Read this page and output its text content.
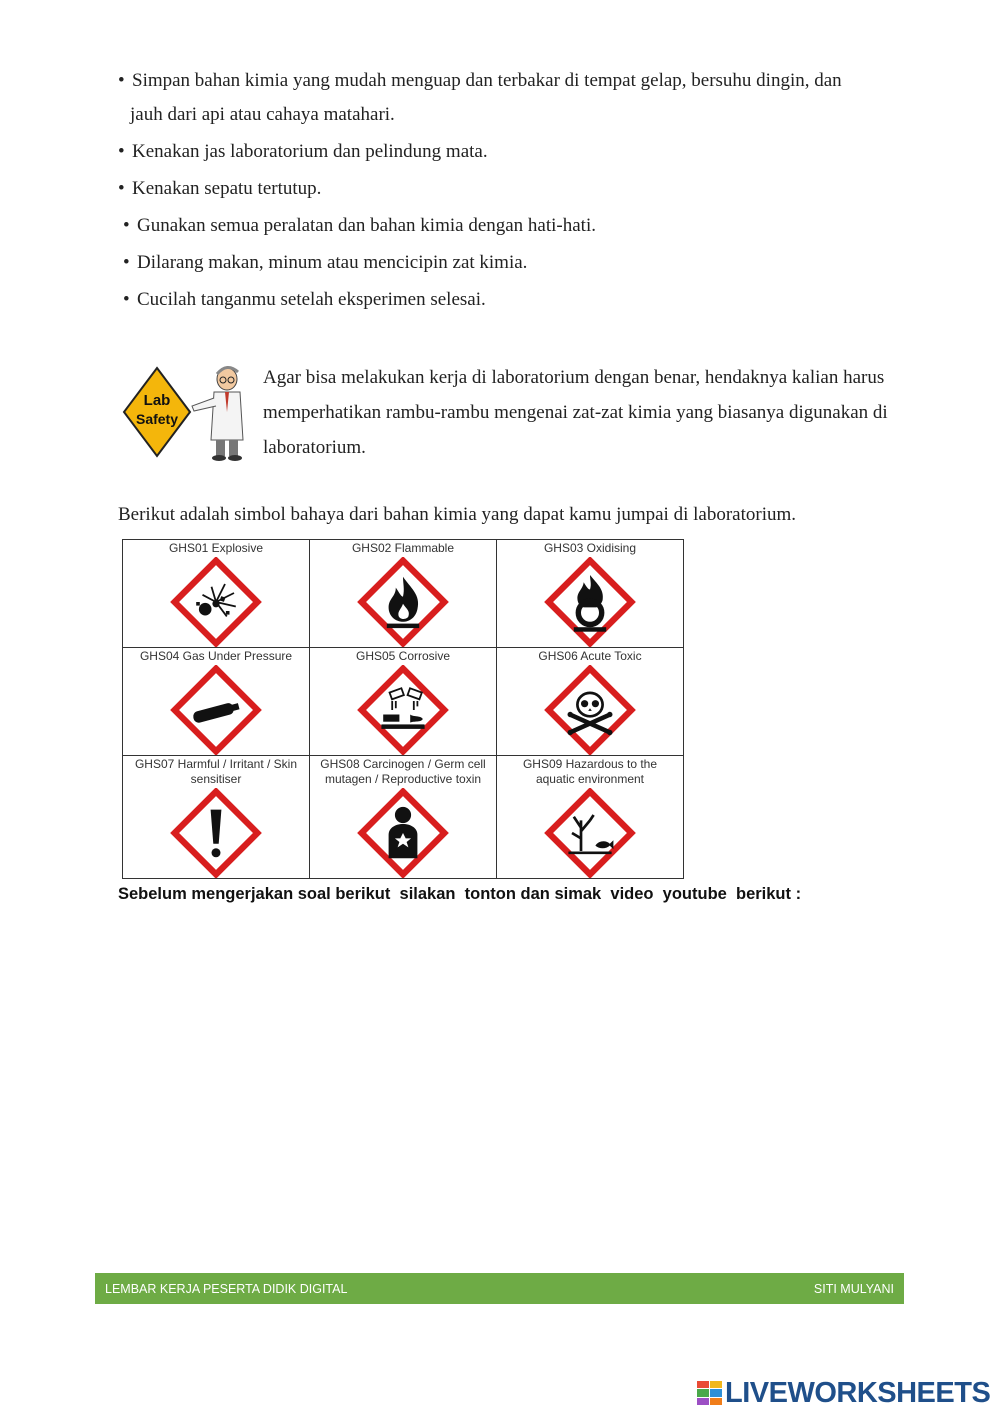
• Simpan bahan kimia yang mudah menguap dan terbakar di tempat gelap, bersuhu dingin, dan
jauh dari api atau cahaya matahari.
• Kenakan jas laboratorium dan pelindung mata.
• Kenakan sepatu tertutup.
• Gunakan semua peralatan dan bahan kimia dengan hati-hati.
• Dilarang makan, minum atau mencicipin zat kimia.
• Cucilah tanganmu setelah eksperimen selesai.
Lab
Safety

Agar bisa melakukan kerja di laboratorium dengan benar, hendaknya kalian harus memperhatikan rambu-rambu mengenai zat-zat kimia yang biasanya digunakan di laboratorium.

Berikut adalah simbol bahaya dari bahan kimia yang dapat kamu jumpai di laboratorium.

GHS01 Explosive	GHS02 Flammable	GHS03 Oxidising

GHS04 Gas Under Pressure	GHS05 Corrosive	GHS06 Acute Toxic

GHS07 Harmful / Irritant / Skin sensitiser	GHS08 Carcinogen / Germ cell mutagen / Reproductive toxin	GHS09 Hazardous to the aquatic environment

Sebelum mengerjakan soal berikut  silakan  tonton dan simak  video  youtube  berikut :

LEMBAR KERJA PESERTA DIDIK DIGITAL	SITI MULYANI
LIVEWORKSHEETS
